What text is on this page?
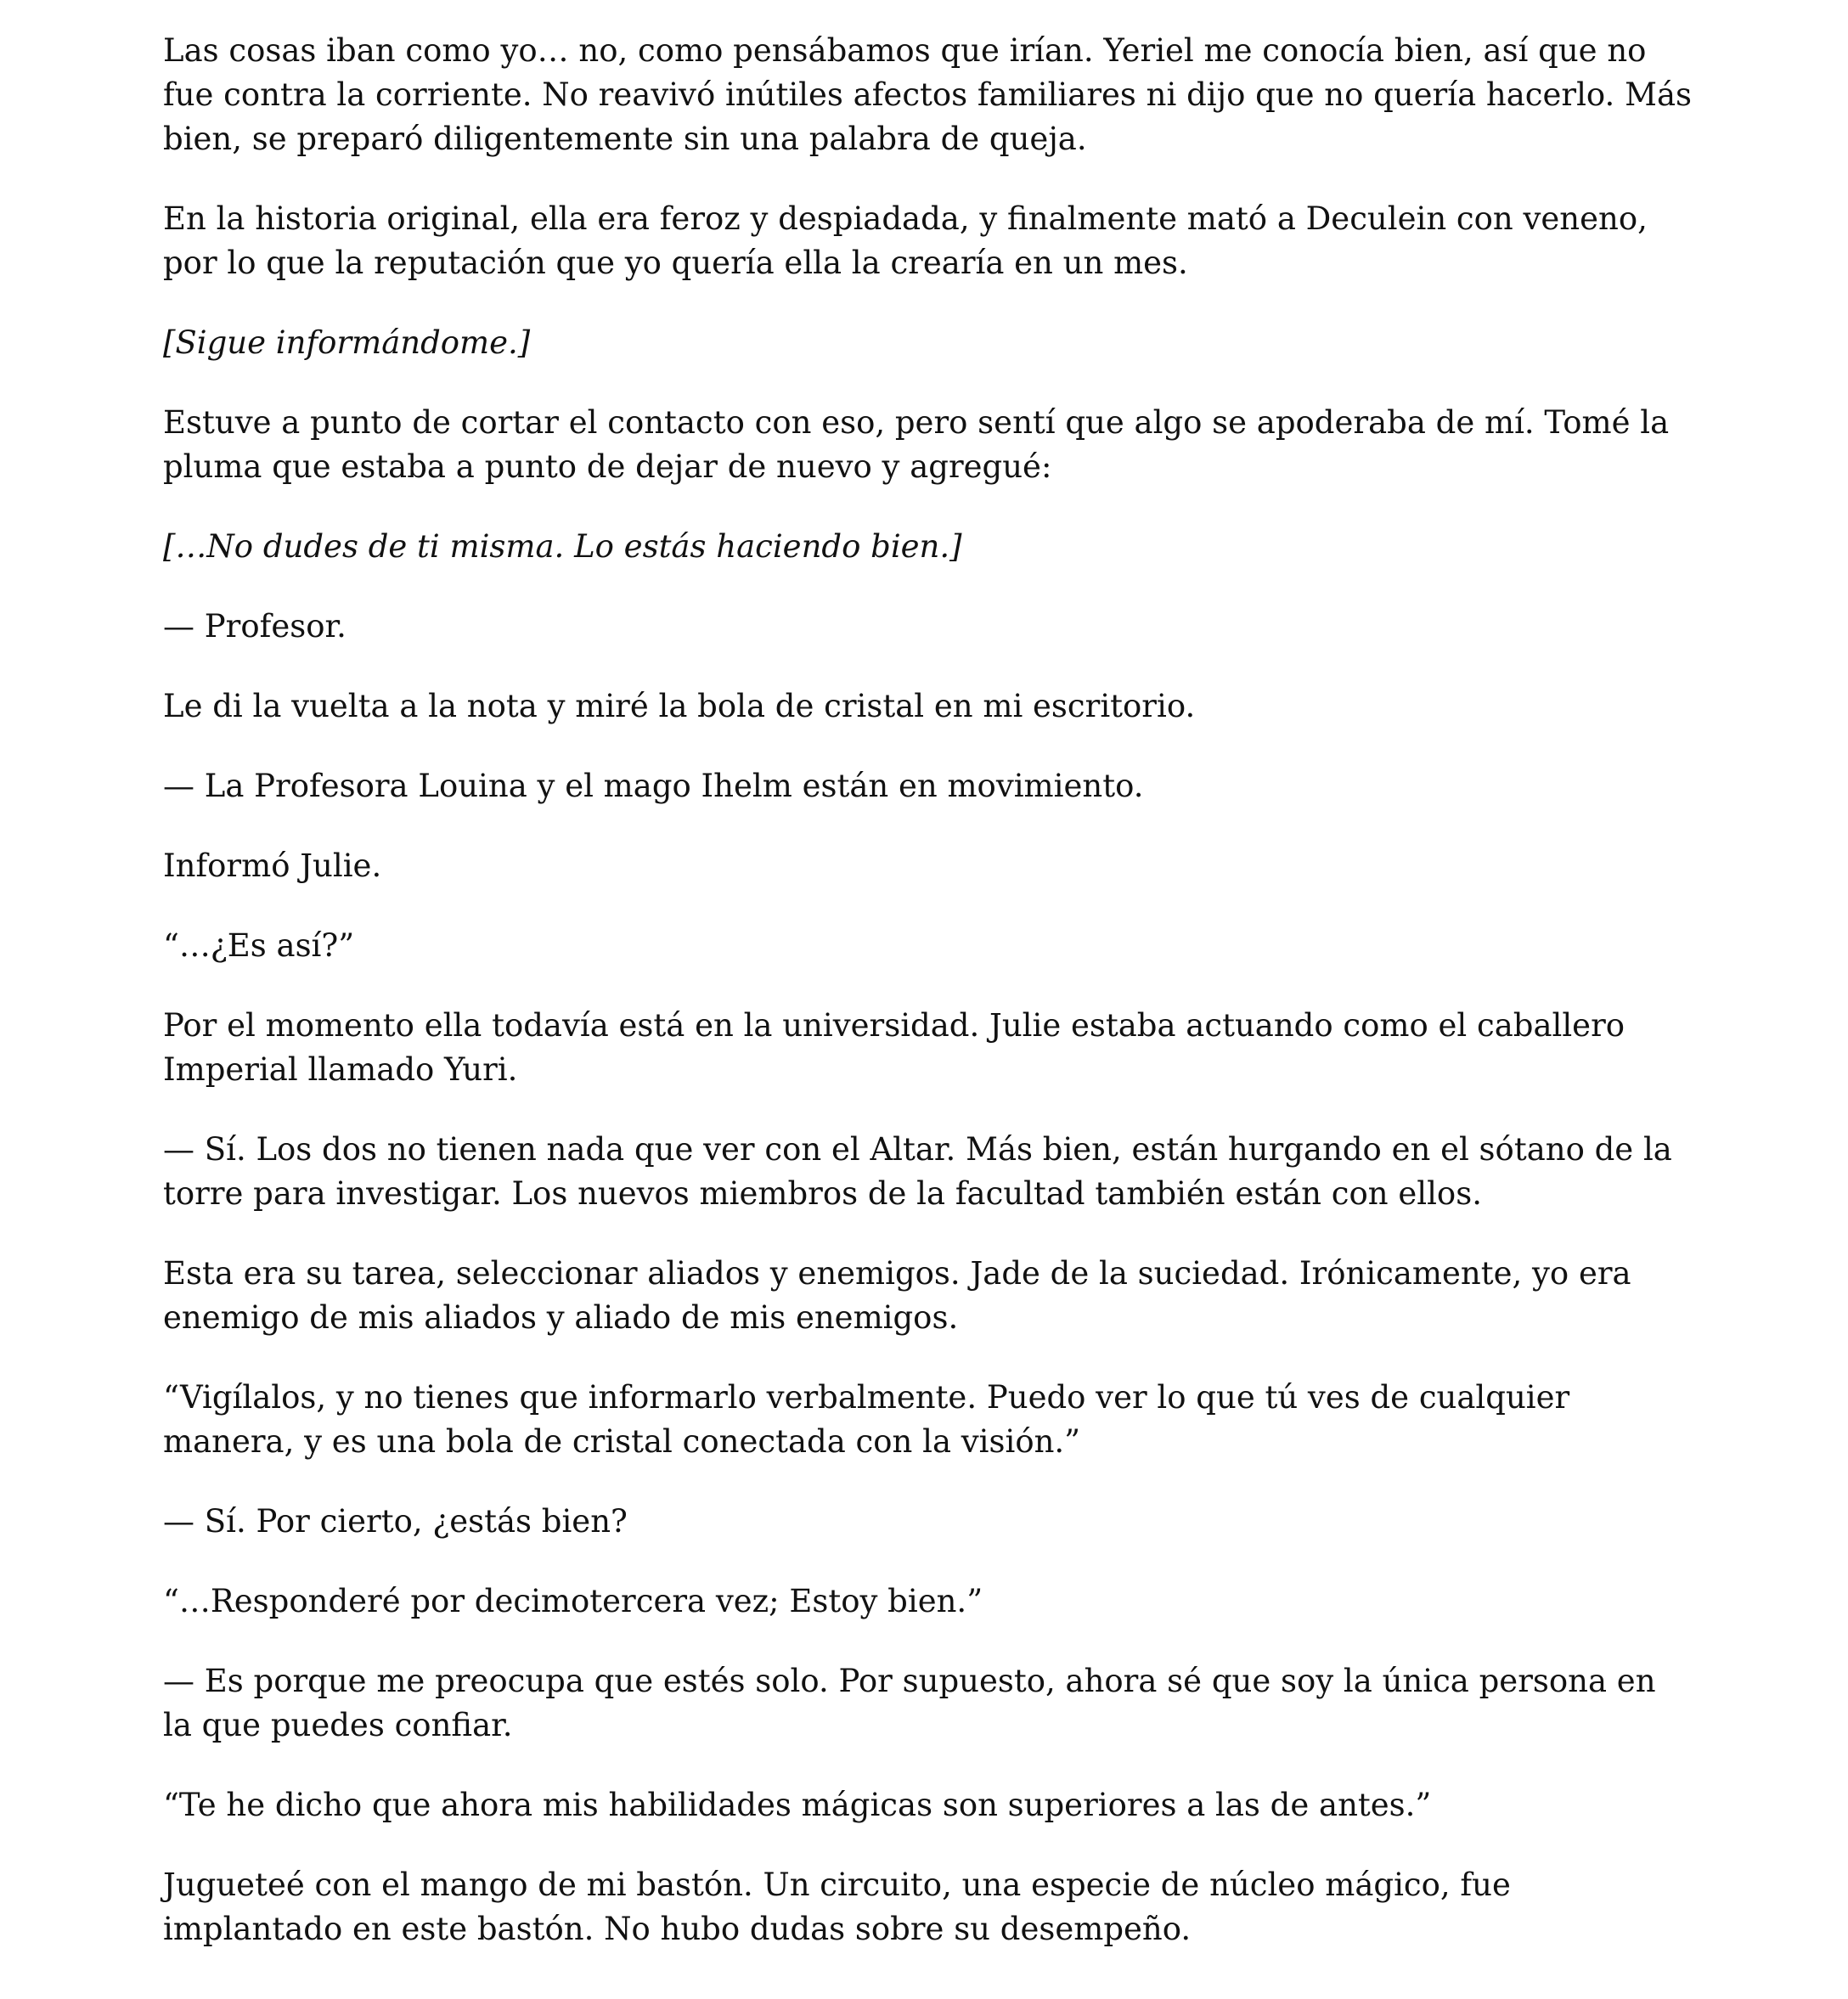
Las cosas iban como yo… no, como pensábamos que irían. Yeriel me conocía bien, así que no fue contra la corriente. No reavivó inútiles afectos familiares ni dijo que no quería hacerlo. Más bien, se preparó diligentemente sin una palabra de queja.

En la historia original, ella era feroz y despiadada, y finalmente mató a Deculein con veneno, por lo que la reputación que yo quería ella la crearía en un mes.

[Sigue informándome.]

Estuve a punto de cortar el contacto con eso, pero sentí que algo se apoderaba de mí. Tomé la pluma que estaba a punto de dejar de nuevo y agregué:

[…No dudes de ti misma. Lo estás haciendo bien.]

— Profesor.

Le di la vuelta a la nota y miré la bola de cristal en mi escritorio.

— La Profesora Louina y el mago Ihelm están en movimiento.

Informó Julie.

“…¿Es así?”

Por el momento ella todavía está en la universidad. Julie estaba actuando como el caballero Imperial llamado Yuri.

— Sí. Los dos no tienen nada que ver con el Altar. Más bien, están hurgando en el sótano de la torre para investigar. Los nuevos miembros de la facultad también están con ellos.

Esta era su tarea, seleccionar aliados y enemigos. Jade de la suciedad. Irónicamente, yo era enemigo de mis aliados y aliado de mis enemigos.

“Vigílalos, y no tienes que informarlo verbalmente. Puedo ver lo que tú ves de cualquier manera, y es una bola de cristal conectada con la visión.”

— Sí. Por cierto, ¿estás bien?

“…Responderé por decimotercera vez; Estoy bien.”

— Es porque me preocupa que estés solo. Por supuesto, ahora sé que soy la única persona en la que puedes confiar.

“Te he dicho que ahora mis habilidades mágicas son superiores a las de antes.”

Jugueteé con el mango de mi bastón. Un circuito, una especie de núcleo mágico, fue implantado en este bastón. No hubo dudas sobre su desempeño.
